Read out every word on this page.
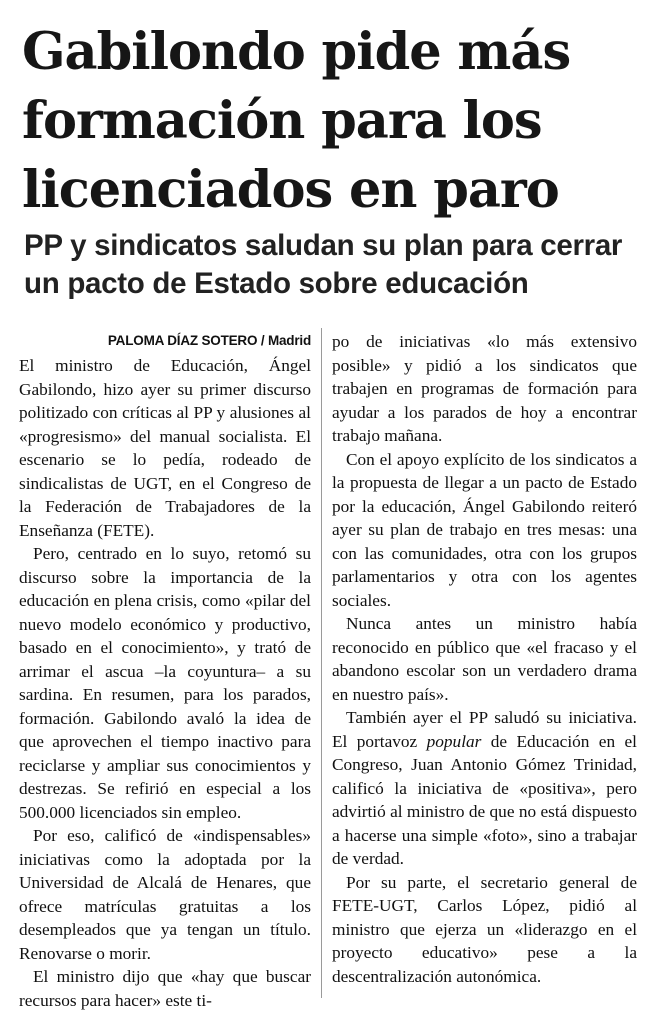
Gabilondo pide más formación para los licenciados en paro
PP y sindicatos saludan su plan para cerrar un pacto de Estado sobre educación
PALOMA DÍAZ SOTERO / Madrid

El ministro de Educación, Ángel Gabilondo, hizo ayer su primer discurso politizado con críticas al PP y alusiones al «progresismo» del manual socialista. El escenario se lo pedía, rodeado de sindicalistas de UGT, en el Congreso de la Federación de Trabajadores de la Enseñanza (FETE).

Pero, centrado en lo suyo, retomó su discurso sobre la importancia de la educación en plena crisis, como «pilar del nuevo modelo económico y productivo, basado en el conocimiento», y trató de arrimar el ascua –la coyuntura– a su sardina. En resumen, para los parados, formación. Gabilondo avaló la idea de que aprovechen el tiempo inactivo para reciclarse y ampliar sus conocimientos y destrezas. Se refirió en especial a los 500.000 licenciados sin empleo.

Por eso, calificó de «indispensables» iniciativas como la adoptada por la Universidad de Alcalá de Henares, que ofrece matrículas gratuitas a los desempleados que ya tengan un título. Renovarse o morir.

El ministro dijo que «hay que buscar recursos para hacer» este ti-

po de iniciativas «lo más extensivo posible» y pidió a los sindicatos que trabajen en programas de formación para ayudar a los parados de hoy a encontrar trabajo mañana.

Con el apoyo explícito de los sindicatos a la propuesta de llegar a un pacto de Estado por la educación, Ángel Gabilondo reiteró ayer su plan de trabajo en tres mesas: una con las comunidades, otra con los grupos parlamentarios y otra con los agentes sociales.

Nunca antes un ministro había reconocido en público que «el fracaso y el abandono escolar son un verdadero drama en nuestro país».

También ayer el PP saludó su iniciativa. El portavoz popular de Educación en el Congreso, Juan Antonio Gómez Trinidad, calificó la iniciativa de «positiva», pero advirtió al ministro de que no está dispuesto a hacerse una simple «foto», sino a trabajar de verdad.

Por su parte, el secretario general de FETE-UGT, Carlos López, pidió al ministro que ejerza un «liderazgo en el proyecto educativo» pese a la descentralización autonómica.
